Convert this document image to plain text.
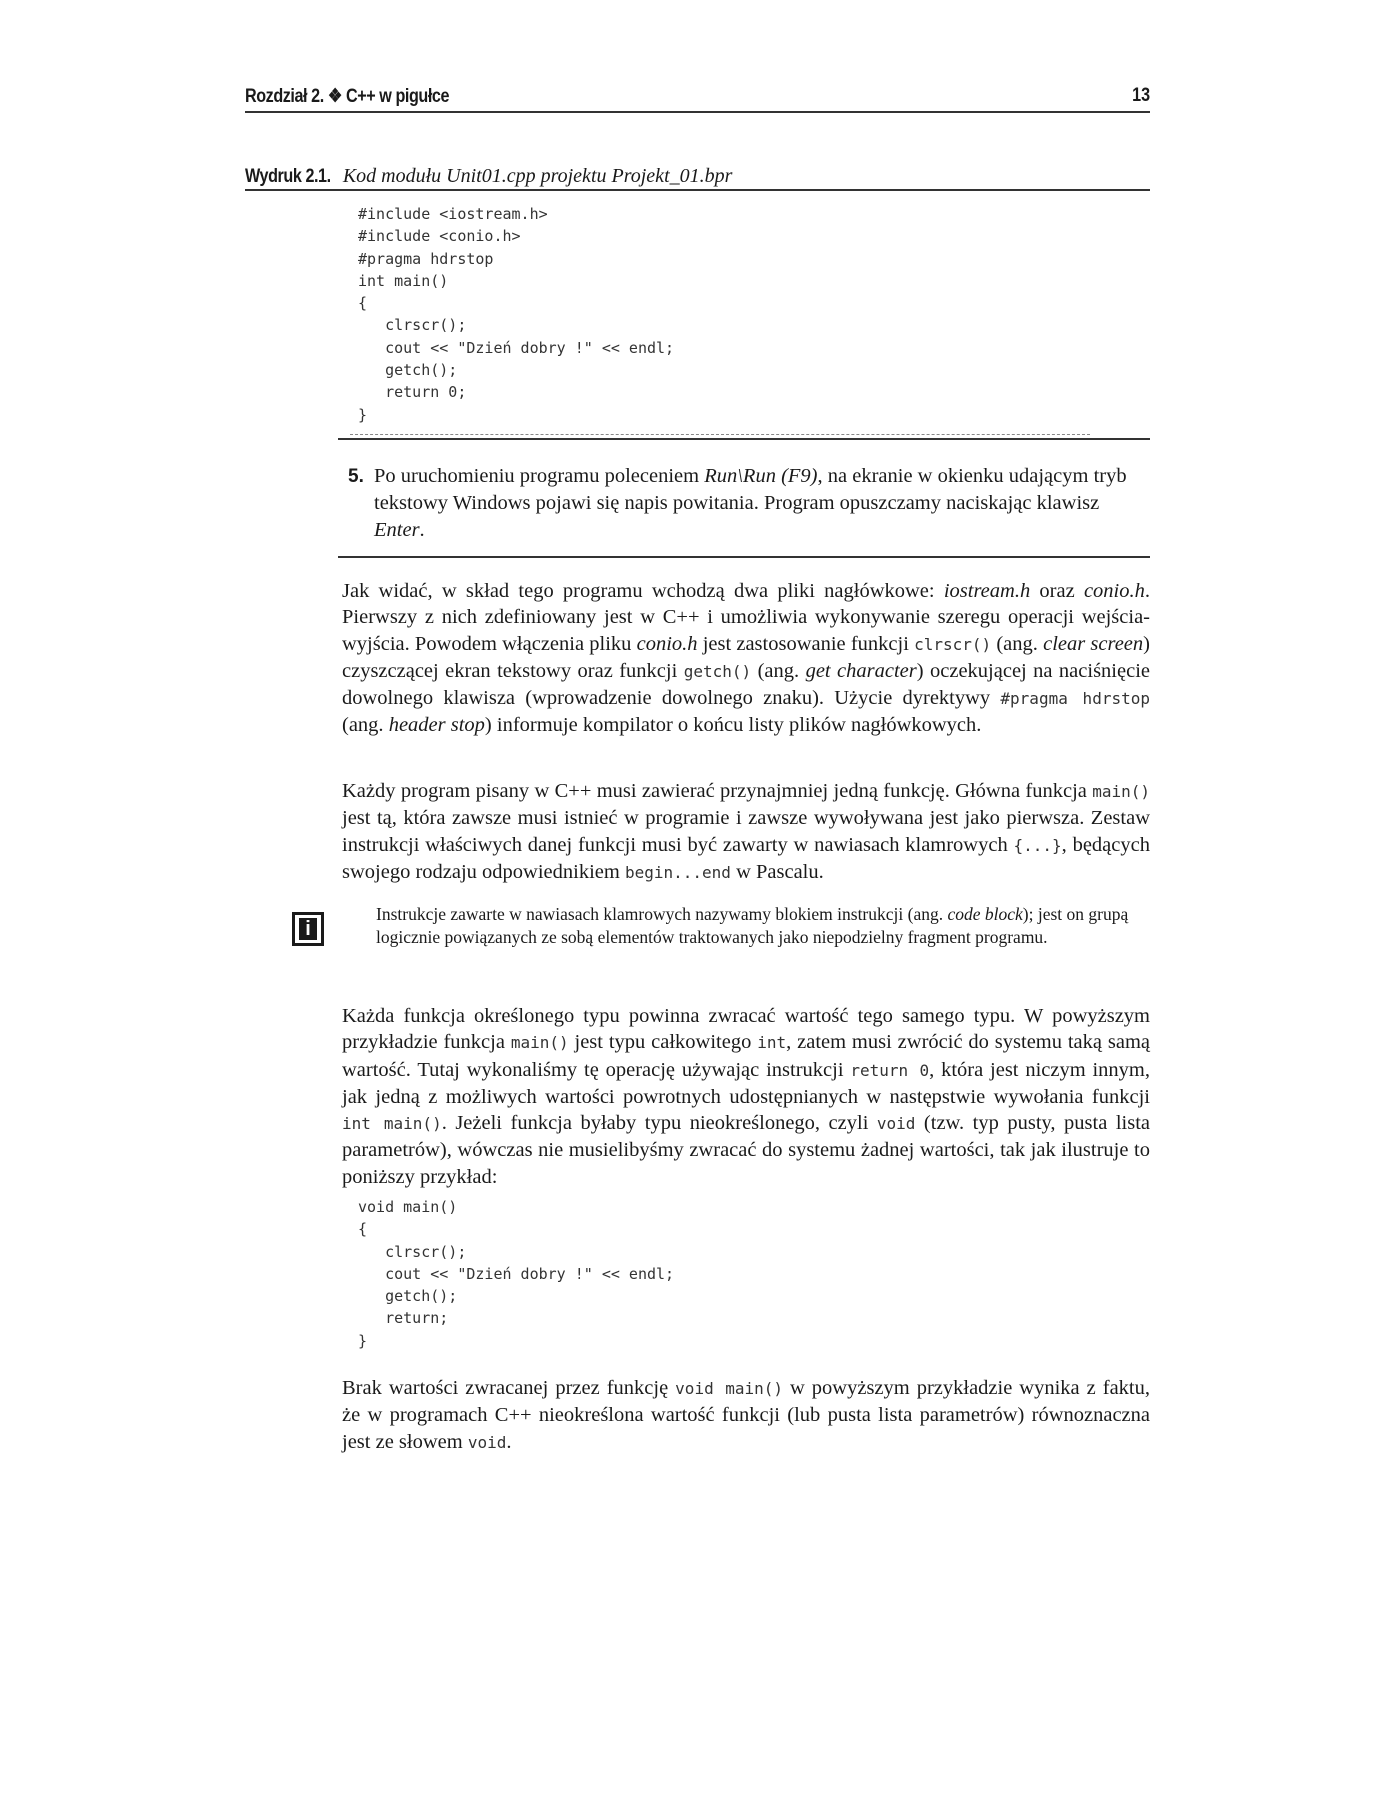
Rozdział 2. ❖ C++ w pigułce	13
Wydruk 2.1. Kod modułu Unit01.cpp projektu Projekt_01.bpr
#include <iostream.h>
#include <conio.h>
#pragma hdrstop
int main()
{
clrscr();
cout << "Dzień dobry !" << endl;
getch();
return 0;
}
5. Po uruchomieniu programu poleceniem Run\Run (F9), na ekranie w okienku udającym tryb tekstowy Windows pojawi się napis powitania. Program opuszczamy naciskając klawisz Enter.

Jak widać, w skład tego programu wchodzą dwa pliki nagłówkowe: iostream.h oraz conio.h. Pierwszy z nich zdefiniowany jest w C++ i umożliwia wykonywanie szeregu operacji wejścia-wyjścia. Powodem włączenia pliku conio.h jest zastosowanie funkcji clrscr() (ang. clear screen) czyszczącej ekran tekstowy oraz funkcji getch() (ang. get character) oczekującej na naciśnięcie dowolnego klawisza (wprowadzenie dowolnego znaku). Użycie dyrektywy #pragma hdrstop (ang. header stop) informuje kompilator o końcu listy plików nagłówkowych.

Każdy program pisany w C++ musi zawierać przynajmniej jedną funkcję. Główna funkcja main() jest tą, która zawsze musi istnieć w programie i zawsze wywoływana jest jako pierwsza. Zestaw instrukcji właściwych danej funkcji musi być zawarty w nawiasach klamrowych {...}, będących swojego rodzaju odpowiednikiem begin...end w Pascalu.

i

Instrukcje zawarte w nawiasach klamrowych nazywamy blokiem instrukcji (ang. code block); jest on grupą logicznie powiązanych ze sobą elementów traktowanych jako niepodzielny fragment programu.

Każda funkcja określonego typu powinna zwracać wartość tego samego typu. W powyższym przykładzie funkcja main() jest typu całkowitego int, zatem musi zwrócić do systemu taką samą wartość. Tutaj wykonaliśmy tę operację używając instrukcji return 0, która jest niczym innym, jak jedną z możliwych wartości powrotnych udostępnianych w następstwie wywołania funkcji int main(). Jeżeli funkcja byłaby typu nieokreślonego, czyli void (tzw. typ pusty, pusta lista parametrów), wówczas nie musielibyśmy zwracać do systemu żadnej wartości, tak jak ilustruje to poniższy przykład:

void main()
{
clrscr();
cout << "Dzień dobry !" << endl;
getch();
return;
}

Brak wartości zwracanej przez funkcję void main() w powyższym przykładzie wynika z faktu, że w programach C++ nieokreślona wartość funkcji (lub pusta lista parametrów) równoznaczna jest ze słowem void.
